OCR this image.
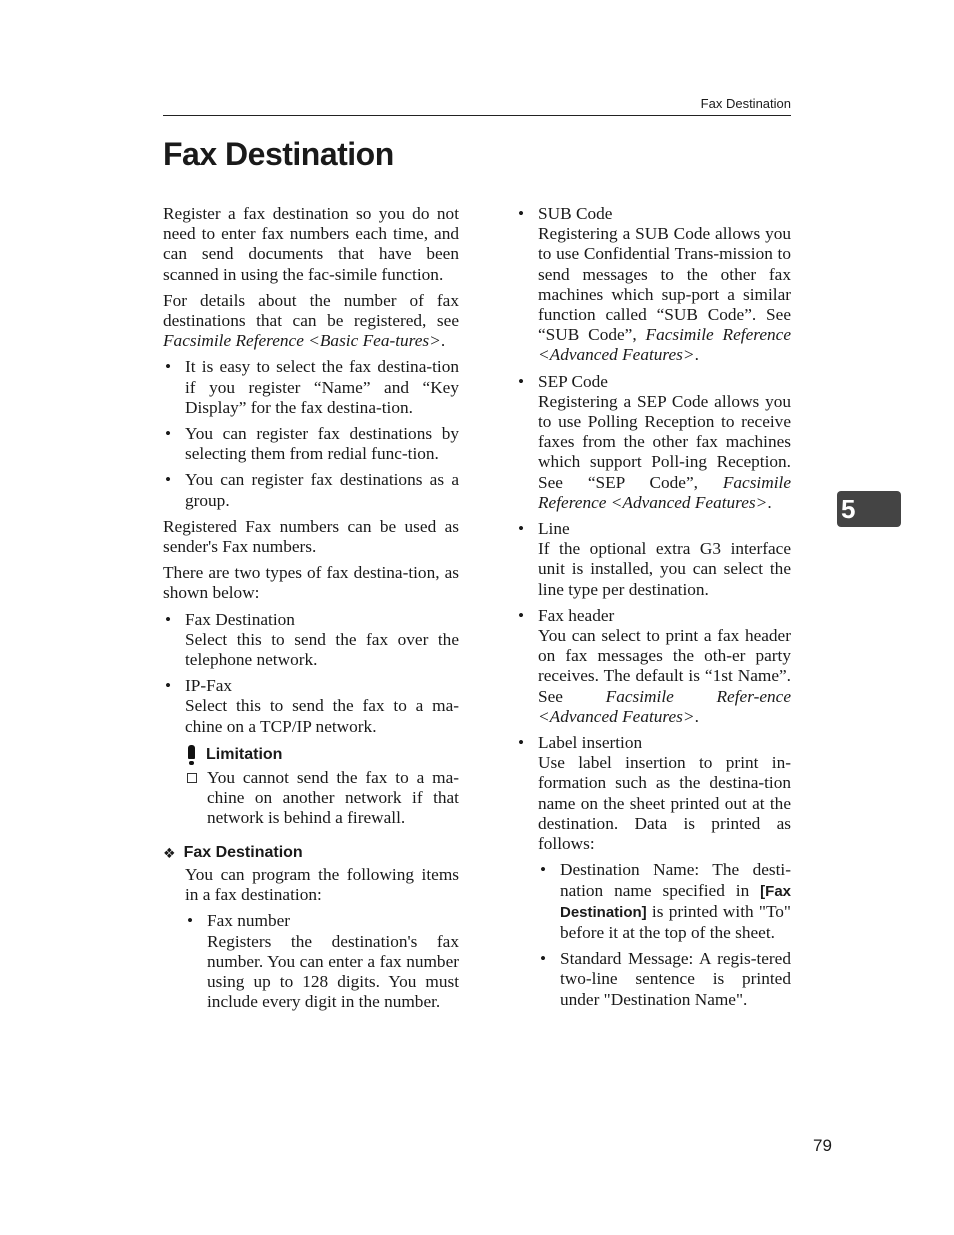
Fax Destination
Fax Destination

Register a fax destination so you do not need to enter fax numbers each time, and can send documents that have been scanned in using the fac-simile function.

For details about the number of fax destinations that can be registered, see Facsimile Reference <Basic Fea-tures>.

• It is easy to select the fax destina-tion if you register “Name” and “Key Display” for the fax destina-tion.
• You can register fax destinations by selecting them from redial func-tion.
• You can register fax destinations as a group.

Registered Fax numbers can be used as sender's Fax numbers.

There are two types of fax destina-tion, as shown below:

• Fax Destination
Select this to send the fax over the telephone network.
• IP-Fax
Select this to send the fax to a ma-chine on a TCP/IP network.
Limitation
You cannot send the fax to a ma-chine on another network if that network is behind a firewall.
❖ Fax Destination

You can program the following items in a fax destination:

• Fax number
Registers the destination's fax number. You can enter a fax number using up to 128 digits. You must include every digit in the number.
• SUB Code
Registering a SUB Code allows you to use Confidential Trans-mission to send messages to the other fax machines which sup-port a similar function called “SUB Code”. See “SUB Code”, Facsimile Reference <Advanced Features>.
• SEP Code
Registering a SEP Code allows you to use Polling Reception to receive faxes from the other fax machines which support Poll-ing Reception. See “SEP Code”, Facsimile Reference <Advanced Features>.
• Line
If the optional extra G3 interface unit is installed, you can select the line type per destination.
• Fax header
You can select to print a fax header on fax messages the oth-er party receives. The default is “1st Name”. See Facsimile Refer-ence <Advanced Features>.
• Label insertion
Use label insertion to print in-formation such as the destina-tion name on the sheet printed out at the destination. Data is printed as follows:
• Destination Name: The desti-nation name specified in [Fax Destination] is printed with "To" before it at the top of the sheet.
• Standard Message: A regis-tered two-line sentence is printed under "Destination Name".
5
79
